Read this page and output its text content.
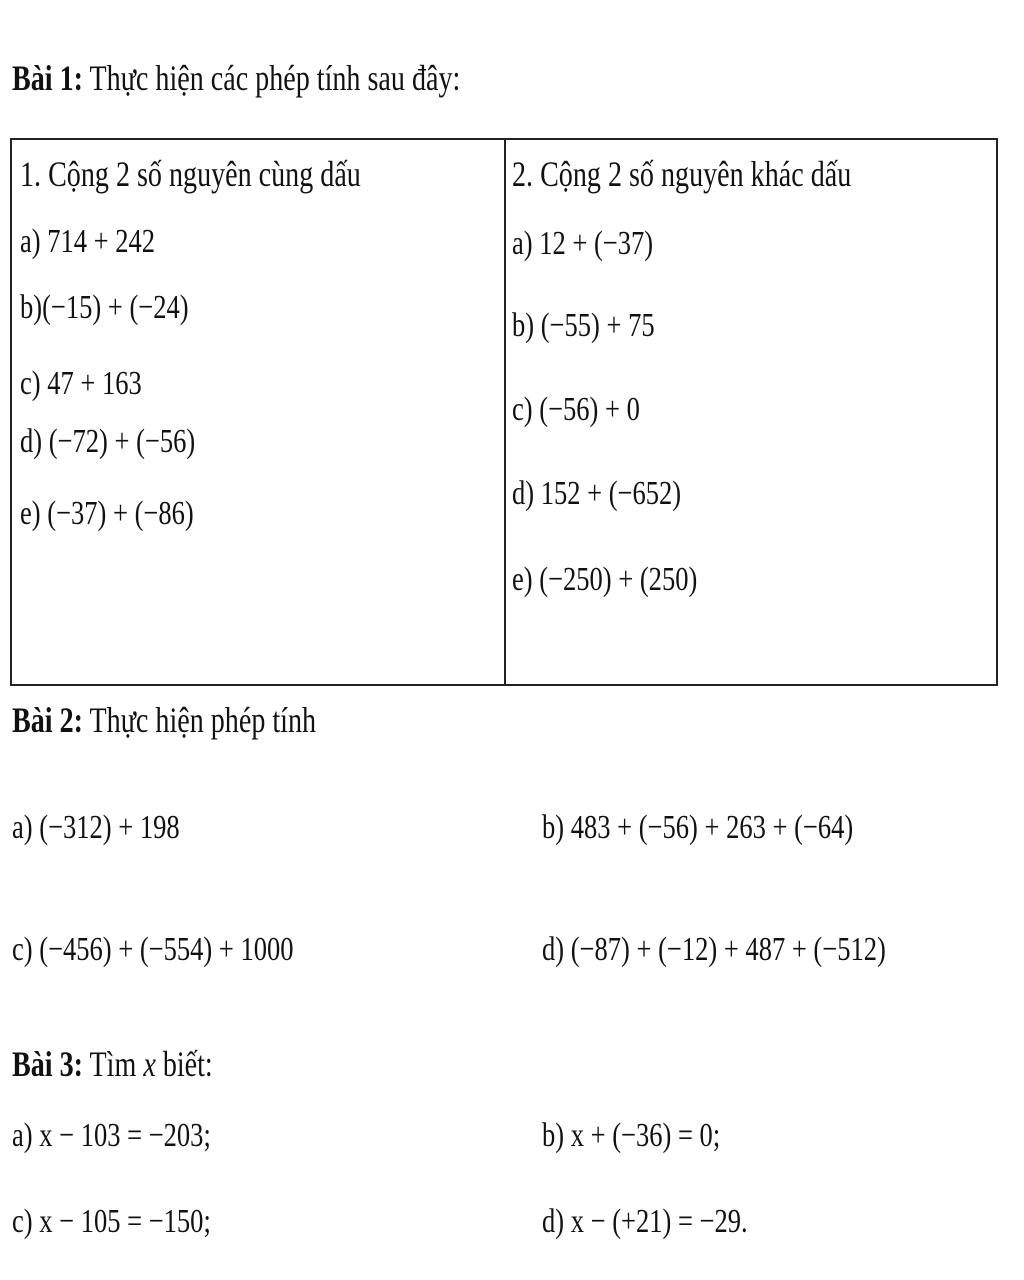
Bài 1: Thực hiện các phép tính sau đây:
1. Cộng 2 số nguyên cùng dấu
a) 714 + 242
b)(−15) + (−24)
c) 47 + 163
d) (−72) + (−56)
e) (−37) + (−86)
2. Cộng 2 số nguyên khác dấu
a) 12 + (−37)
b) (−55) + 75
c) (−56) + 0
d) 152 + (−652)
e) (−250) + (250)
Bài 2: Thực hiện phép tính
a) (−312) + 198	b) 483 + (−56) + 263 + (−64)
c) (−456) + (−554) + 1000	d) (−87) + (−12) + 487 + (−512)
Bài 3: Tìm x biết:
a) x − 103 = −203;	b) x + (−36) = 0;
c) x − 105 = −150;	d) x − (+21) = −29.
